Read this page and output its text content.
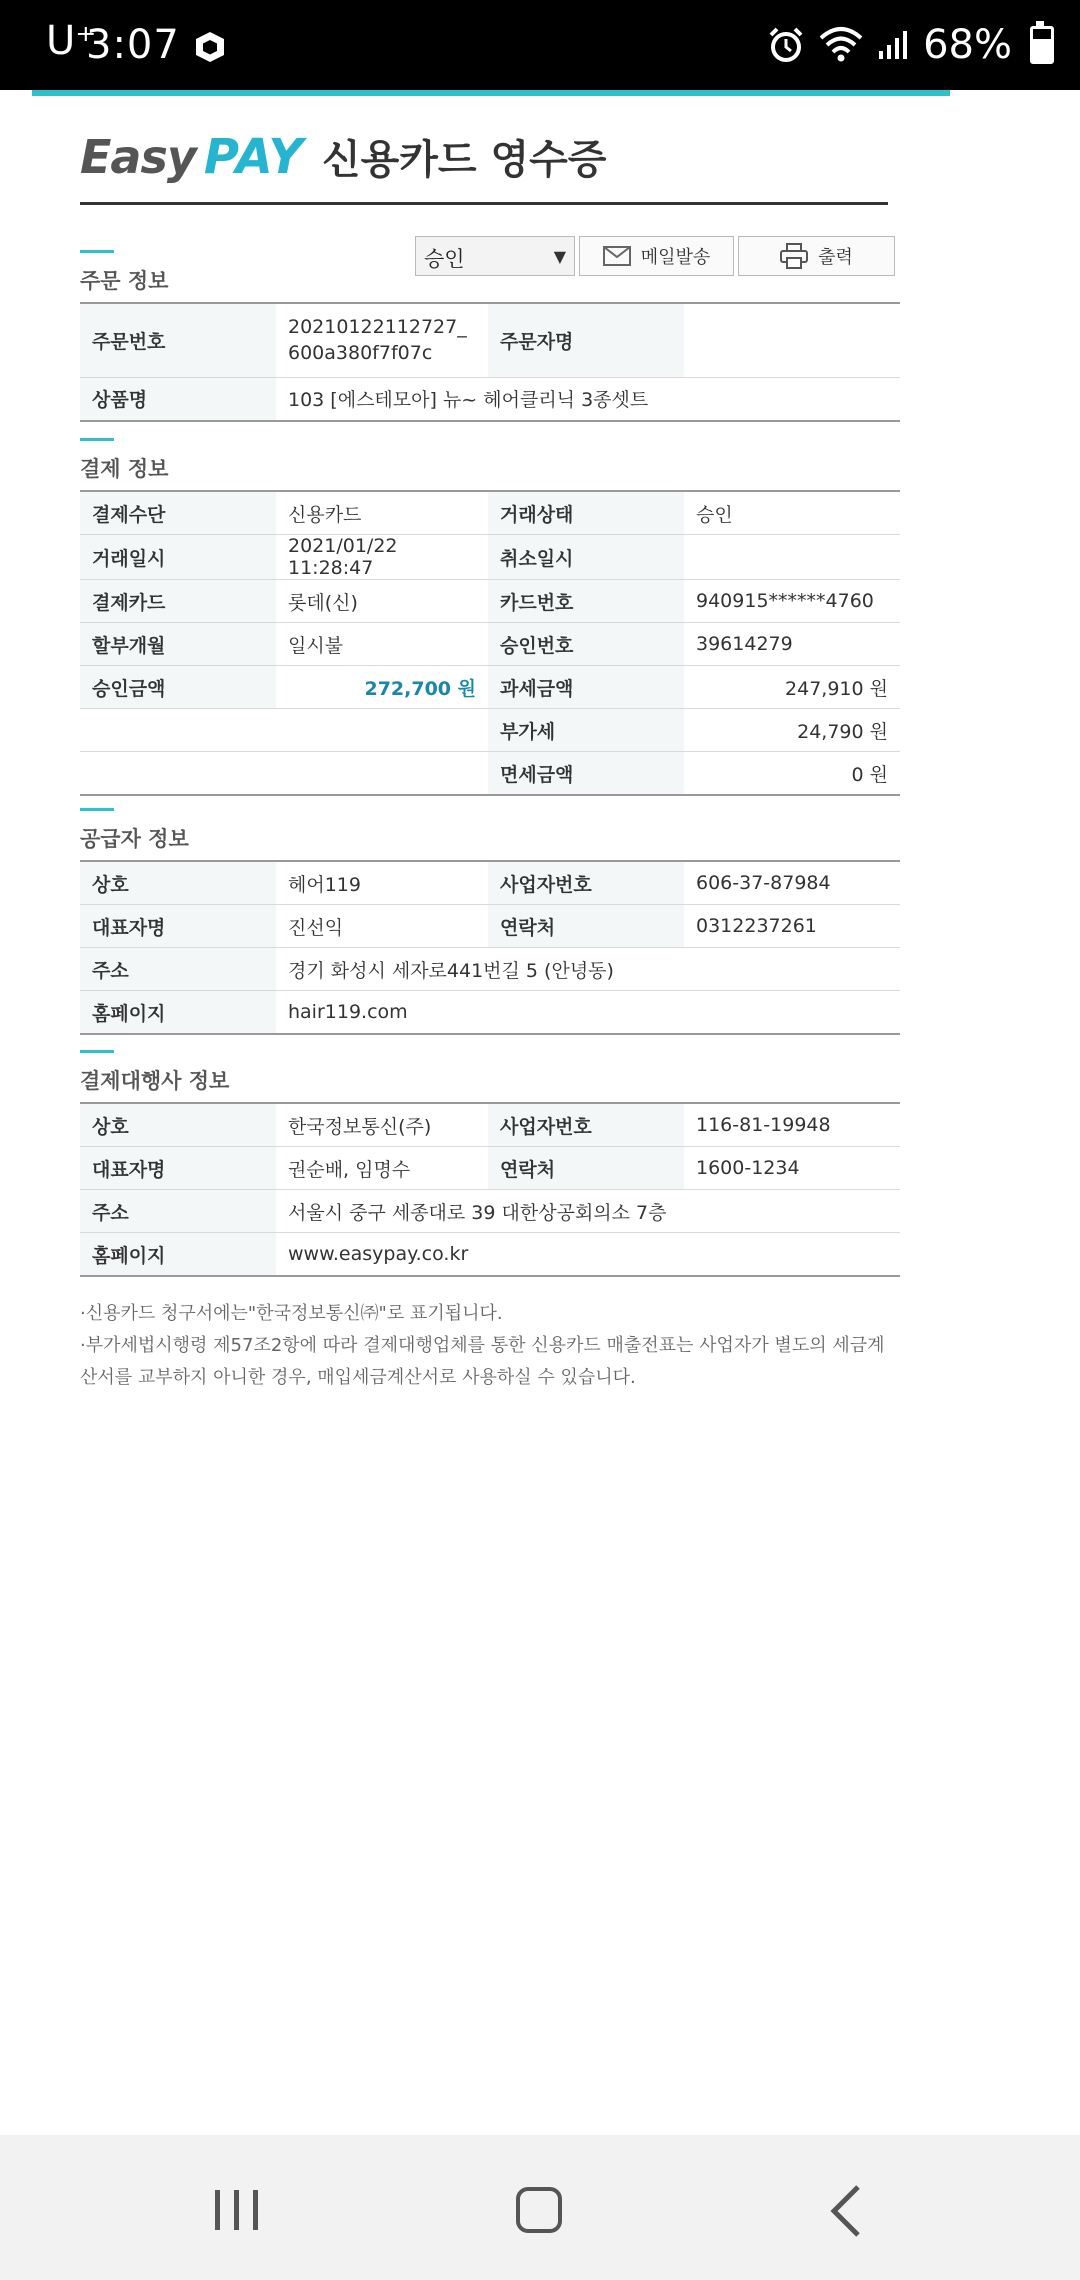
U⁺
3:07	68%
Easy PAY 신용카드 영수증
주문 정보
승인	▼	메일발송	출력
주문번호	20210122112727_600a380f7f07c	주문자명	
상품명	103 [에스테모아] 뉴~ 헤어클리닉 3종셋트		
결제 정보
결제수단	신용카드	거래상태	승인
거래일시	2021/01/22 11:28:47	취소일시	
결제카드	롯데(신)	카드번호	940915******4760
할부개월	일시불	승인번호	39614279
승인금액	272,700 원	과세금액	247,910 원
		부가세	24,790 원
		면세금액	0 원
공급자 정보
상호	헤어119	사업자번호	606-37-87984
대표자명	진선익	연락처	0312237261
주소	경기 화성시 세자로441번길 5 (안녕동)		
홈페이지	hair119.com		
결제대행사 정보
상호	한국정보통신(주)	사업자번호	116-81-19948
대표자명	권순배, 임명수	연락처	1600-1234
주소	서울시 중구 세종대로 39 대한상공회의소 7층		
홈페이지	www.easypay.co.kr		
·신용카드 청구서에는"한국정보통신㈜"로 표기됩니다.
·부가세법시행령 제57조2항에 따라 결제대행업체를 통한 신용카드 매출전표는 사업자가 별도의 세금계산서를 교부하지 아니한 경우, 매입세금계산서로 사용하실 수 있습니다.
